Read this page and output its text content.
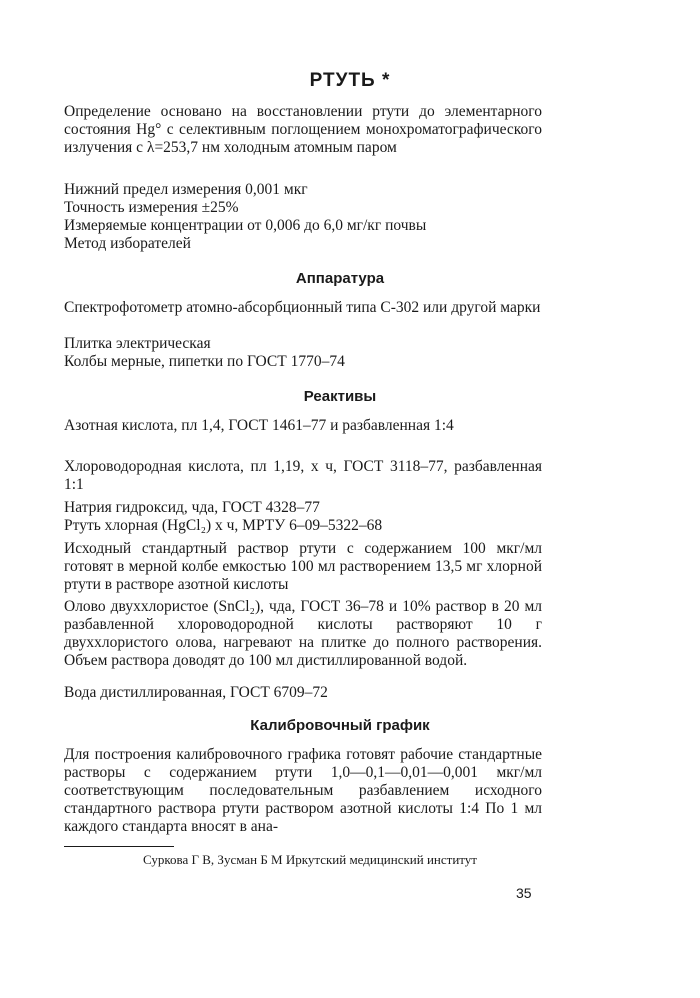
РТУТЬ *
Определение основано на восстановлении ртути до элементарного состояния Hg° с селективным поглощением монохроматографического излучения с λ=253,7 нм холодным атомным паром
Нижний предел измерения 0,001 мкг
Точность измерения ±25%
Измеряемые концентрации от 0,006 до 6,0 мг/кг почвы
Метод изборателей
Аппаратура
Спектрофотометр атомно-абсорбционный типа С-302 или другой марки
Плитка электрическая
Колбы мерные, пипетки по ГОСТ 1770–74
Реактивы
Азотная кислота, пл 1,4, ГОСТ 1461–77 и разбавленная 1:4
Хлороводородная кислота, пл 1,19, х ч, ГОСТ 3118–77, разбавленная 1:1
Натрия гидроксид, чда, ГОСТ 4328–77
Ртуть хлорная (HgCl₂) х ч, МРТУ 6–09–5322–68
Исходный стандартный раствор ртути с содержанием 100 мкг/мл готовят в мерной колбе емкостью 100 мл растворением 13,5 мг хлорной ртути в растворе азотной кислоты
Олово двуххлористое (SnCl₂), чда, ГОСТ 36–78 и 10% раствор в 20 мл разбавленной хлороводородной кислоты растворяют 10 г двуххлористого олова, нагревают на плитке до полного растворения. Объем раствора доводят до 100 мл дистиллированной водой.
Вода дистиллированная, ГОСТ 6709–72
Калибровочный график
Для построения калибровочного графика готовят рабочие стандартные растворы с содержанием ртути 1,0—0,1—0,01—0,001 мкг/мл соответствующим последовательным разбавлением исходного стандартного раствора ртути раствором азотной кислоты 1:4 По 1 мл каждого стандарта вносят в ана-
Суркова Г В, Зусман Б М Иркутский медицинский институт
35
